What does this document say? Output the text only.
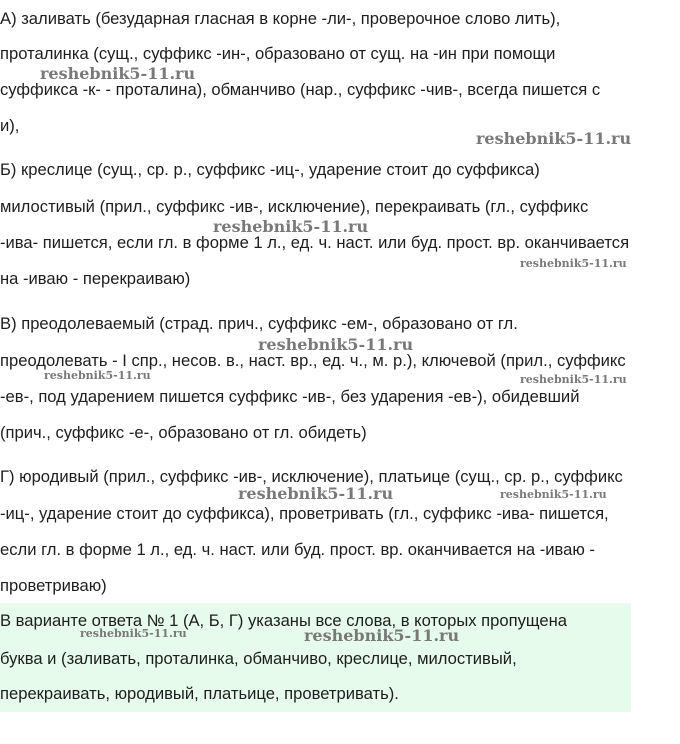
А) заливать (безударная гласная в корне -ли-, проверочное слово лить),
проталинка (сущ., суффикс -ин-, образовано от сущ. на -ин при помощи
суффикса -к- - проталина), обманчиво (нар., суффикс -чив-, всегда пишется с
и),
Б) креслице (сущ., ср. р., суффикс -иц-, ударение стоит до суффикса)
милостивый (прил., суффикс -ив-, исключение), перекраивать (гл., суффикс
-ива- пишется, если гл. в форме 1 л., ед. ч. наст. или буд. прост. вр. оканчивается
на -иваю - перекраиваю)
В) преодолеваемый (страд. прич., суффикс -ем-, образовано от гл.
преодолевать - I спр., несов. в., наст. вр., ед. ч., м. р.), ключевой (прил., суффикс
-ев-, под ударением пишется суффикс -ив-, без ударения -ев-), обидевший
(прич., суффикс -е-, образовано от гл. обидеть)
Г) юродивый (прил., суффикс -ив-, исключение), платьице (сущ., ср. р., суффикс
-иц-, ударение стоит до суффикса), проветривать (гл., суффикс -ива- пишется,
если гл. в форме 1 л., ед. ч. наст. или буд. прост. вр. оканчивается на -иваю -
проветриваю)
В варианте ответа № 1 (А, Б, Г) указаны все слова, в которых пропущена
буква и (заливать, проталинка, обманчиво, креслице, милостивый,
перекраивать, юродивый, платьице, проветривать).
reshebnik5-11.ru
reshebnik5-11.ru
reshebnik5-11.ru
reshebnik5-11.ru
reshebnik5-11.ru
reshebnik5-11.ru	reshebnik5-11.ru
reshebnik5-11.ru	reshebnik5-11.ru
reshebnik5-11.ru	reshebnik5-11.ru
